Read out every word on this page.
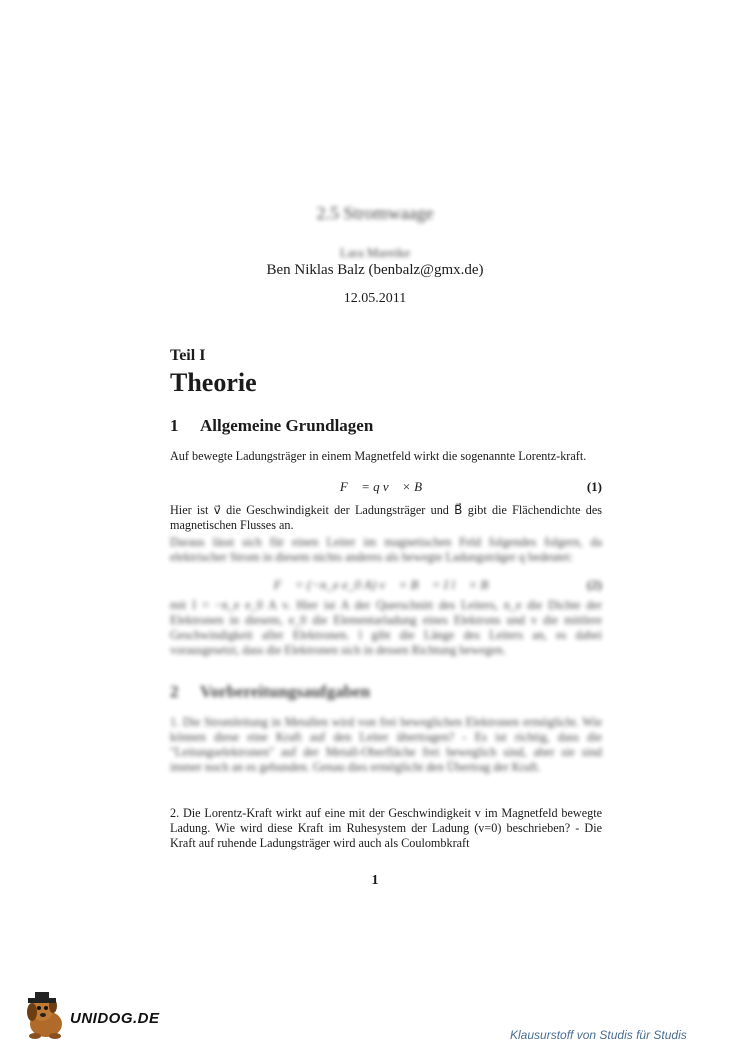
2.5 Stromwaage
Lara Mareike
Ben Niklas Balz (benbalz@gmx.de)
12.05.2011
Teil I
Theorie
1 Allgemeine Grundlagen
Auf bewegte Ladungsträger in einem Magnetfeld wirkt die sogenannte Lorentz-kraft.
F⃗ = q v⃗ × B⃗	(1)
Hier ist v⃗ die Geschwindigkeit der Ladungsträger und B⃗ gibt die Flächendichte des magnetischen Flusses an.
Daraus lässt sich für einen Leiter im magnetischen Feld folgendes folgern, da elektrischer Strom in diesem nichts anderes als bewegte Ladungsträger q bedeutet:
F⃗ = (−n_e e_0 A) v⃗ × B⃗ = I l⃗ × B⃗	(2)
mit I = −n_e e_0 A v. Hier ist A der Querschnitt des Leiters, n_e die Dichte der Elektronen in diesem, e_0 die Elementarladung eines Elektrons und v die mittlere Geschwindigkeit aller Elektronen. l gibt die Länge des Leiters an, es dabei vorausgesetzt, dass die Elektronen sich in dessen Richtung bewegen.
2 Vorbereitungsaufgaben
1. Die Stromleitung in Metallen wird von frei beweglichen Elektronen ermöglicht. Wie können diese eine Kraft auf den Leiter übertragen? - Es ist richtig, dass die "Leitungselektronen" auf der Metall-Oberfläche frei beweglich sind, aber sie sind immer noch an es gebunden. Genau dies ermöglicht den Übertrag der Kraft.
2. Die Lorentz-Kraft wirkt auf eine mit der Geschwindigkeit v im Magnetfeld bewegte Ladung. Wie wird diese Kraft im Ruhesystem der Ladung (v=0) beschrieben? - Die Kraft auf ruhende Ladungsträger wird auch als Coulombkraft
1
UNIDOG.DE
Klausurstoff von Studis für Studis
